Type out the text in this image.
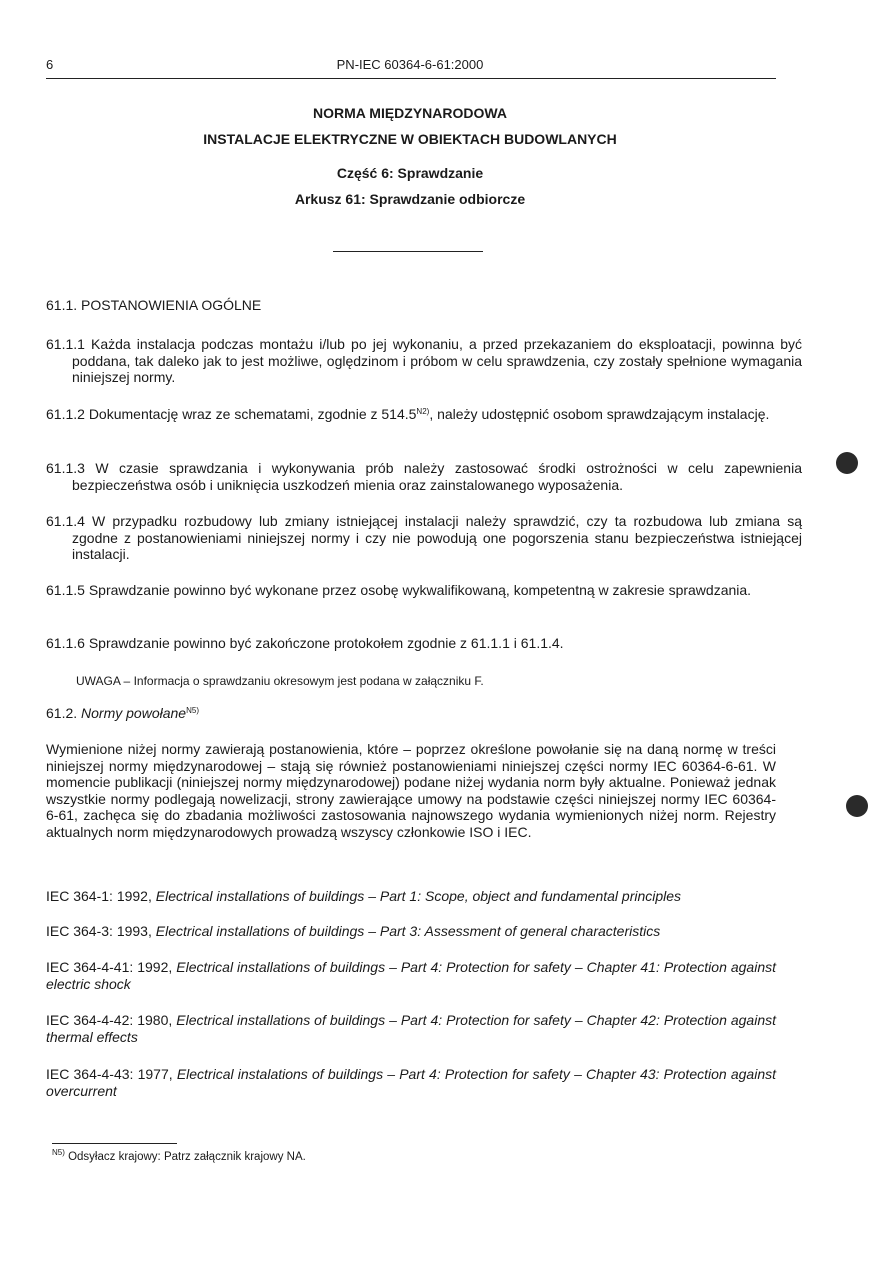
6	PN-IEC 60364-6-61:2000
NORMA MIĘDZYNARODOWA
INSTALACJE ELEKTRYCZNE W OBIEKTACH BUDOWLANYCH
Część 6: Sprawdzanie
Arkusz 61: Sprawdzanie odbiorcze
61.1. POSTANOWIENIA OGÓLNE
61.1.1 Każda instalacja podczas montażu i/lub po jej wykonaniu, a przed przekazaniem do eksploatacji, powinna być poddana, tak daleko jak to jest możliwe, oględzinom i próbom w celu sprawdzenia, czy zostały spełnione wymagania niniejszej normy.
61.1.2 Dokumentację wraz ze schematami, zgodnie z $514.5^{N2)}$, należy udostępnić osobom sprawdzającym instalację.
61.1.3 W czasie sprawdzania i wykonywania prób należy zastosować środki ostrożności w celu zapewnienia bezpieczeństwa osób i uniknięcia uszkodzeń mienia oraz zainstalowanego wyposażenia.
61.1.4 W przypadku rozbudowy lub zmiany istniejącej instalacji należy sprawdzić, czy ta rozbudowa lub zmiana są zgodne z postanowieniami niniejszej normy i czy nie powodują one pogorszenia stanu bezpieczeństwa istniejącej instalacji.
61.1.5 Sprawdzanie powinno być wykonane przez osobę wykwalifikowaną, kompetentną w zakresie sprawdzania.
61.1.6 Sprawdzanie powinno być zakończone protokołem zgodnie z 61.1.1 i 61.1.4.
UWAGA – Informacja o sprawdzaniu okresowym jest podana w załączniku F.
61.2. Normy powołane$^{N5)}$
Wymienione niżej normy zawierają postanowienia, które – poprzez określone powołanie się na daną normę w treści niniejszej normy międzynarodowej – stają się również postanowieniami niniejszej części normy IEC 60364-6-61. W momencie publikacji (niniejszej normy międzynarodowej) podane niżej wydania norm były aktualne. Ponieważ jednak wszystkie normy podlegają nowelizacji, strony zawierające umowy na podstawie części niniejszej normy IEC 60364-6-61, zachęca się do zbadania możliwości zastosowania najnowszego wydania wymienionych niżej norm. Rejestry aktualnych norm międzynarodowych prowadzą wszyscy członkowie ISO i IEC.
IEC 364-1: 1992, Electrical installations of buildings – Part 1: Scope, object and fundamental principles
IEC 364-3: 1993, Electrical installations of buildings – Part 3: Assessment of general characteristics
IEC 364-4-41: 1992, Electrical installations of buildings – Part 4: Protection for safety – Chapter 41: Protection against electric shock
IEC 364-4-42: 1980, Electrical installations of buildings – Part 4: Protection for safety – Chapter 42: Protection against thermal effects
IEC 364-4-43: 1977, Electrical instalations of buildings – Part 4: Protection for safety – Chapter 43: Protection against overcurrent
$^{N5)}$ Odsyłacz krajowy: Patrz załącznik krajowy NA.
